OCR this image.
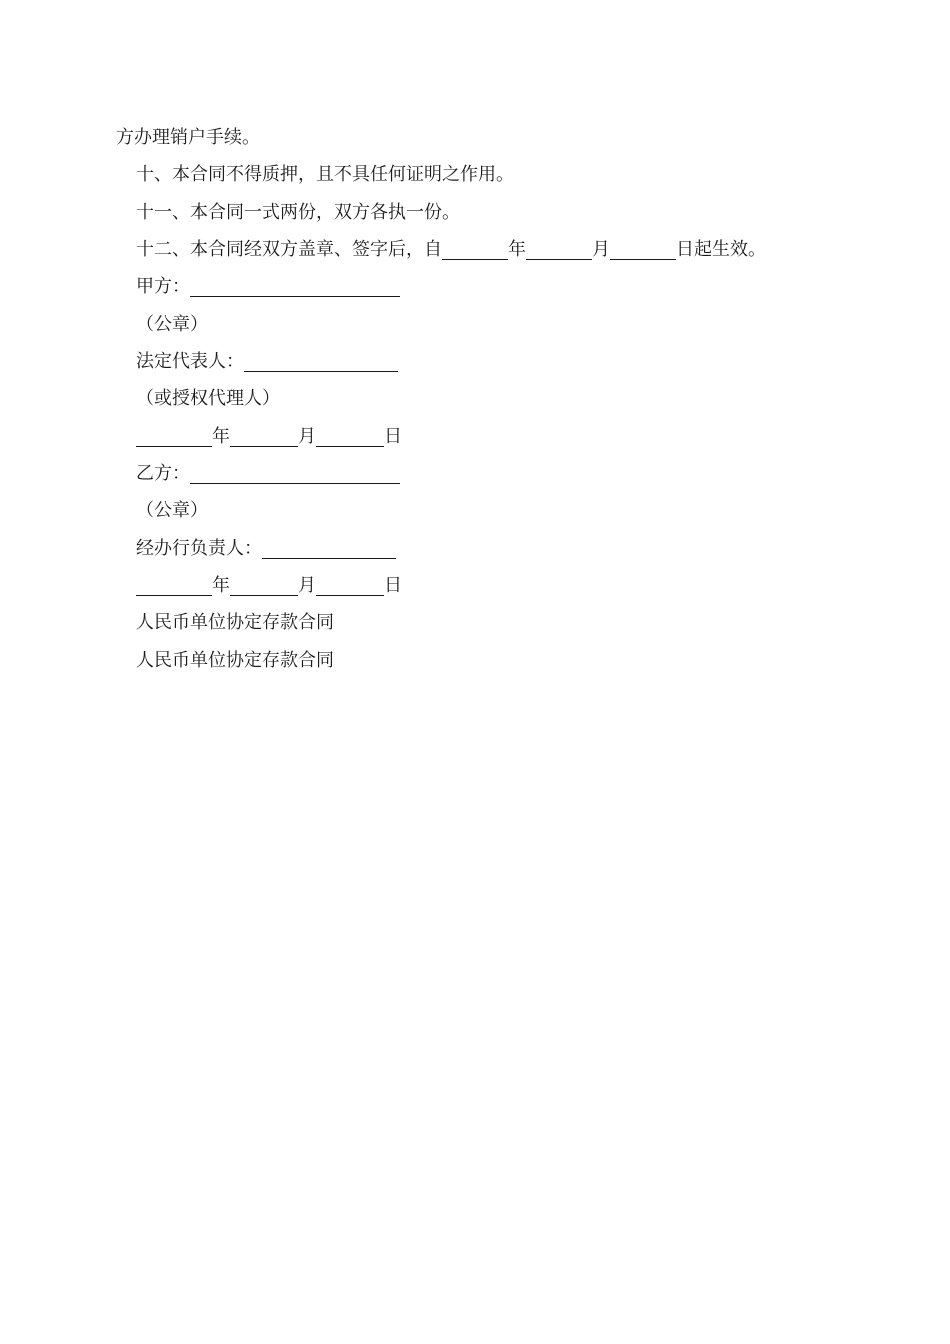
方办理销户手续。
十、本合同不得质押，且不具任何证明之作用。
十一、本合同一式两份，双方各执一份。
十二、本合同经双方盖章、签字后，自	年	月	日起生效。
甲方：
（公章）
法定代表人：
（或授权代理人）
年	月	日
乙方：
（公章）
经办行负责人：
年	月	日
人民币单位协定存款合同
人民币单位协定存款合同
